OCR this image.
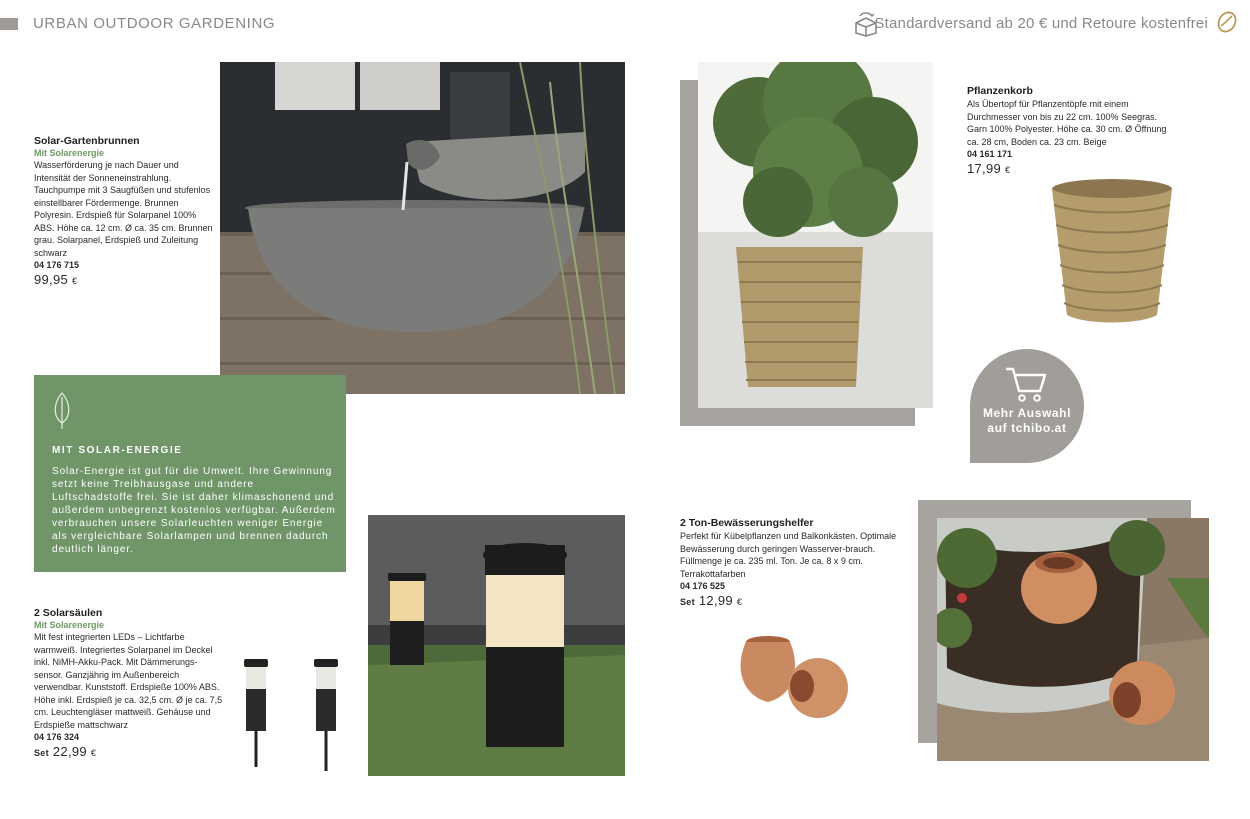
URBAN OUTDOOR GARDENING	Standardversand ab 20 € und Retoure kostenfrei
Solar-Gartenbrunnen
Mit Solarenergie
Wasserförderung je nach Dauer und Intensität der Sonneneinstrahlung. Tauchpumpe mit 3 Saugfüßen und stufenlos einstellbarer Fördermenge. Brunnen Polyresin. Erdspieß für Solarpanel 100% ABS. Höhe ca. 12 cm. Ø ca. 35 cm. Brunnen grau. Solarpanel, Erdspieß und Zuleitung schwarz
04 176 715
99,95 €
Pflanzenkorb
Als Übertopf für Pflanzentöpfe mit einem Durchmesser von bis zu 22 cm. 100% Seegras. Garn 100% Polyester. Höhe ca. 30 cm. Ø Öffnung ca. 28 cm, Boden ca. 23 cm. Beige
04 161 171
17,99 €
Mehr Auswahl
auf tchibo.at
MIT SOLAR-ENERGIE
Solar-Energie ist gut für die Umwelt. Ihre Gewinnung setzt keine Treibhausgase und andere Luftschadstoffe frei. Sie ist daher klimaschonend und außerdem unbegrenzt kostenlos verfügbar. Außerdem verbrauchen unsere Solarleuchten weniger Energie als vergleichbare Solarlampen und brennen dadurch deutlich länger.
2 Solarsäulen
Mit Solarenergie
Mit fest integrierten LEDs – Lichtfarbe warmweiß. Integriertes Solarpanel im Deckel inkl. NiMH-Akku-Pack. Mit Dämmerungs-sensor. Ganzjährig im Außenbereich verwendbar. Kunststoff. Erdspieße 100% ABS. Höhe inkl. Erdspieß je ca. 32,5 cm. Ø je ca. 7,5 cm. Leuchtengläser mattweiß. Gehäuse und Erdspieße mattschwarz
04 176 324
Set 22,99 €
2 Ton-Bewässerungshelfer
Perfekt für Kübelpflanzen und Balkonkästen. Optimale Bewässerung durch geringen Wasserver-brauch. Füllmenge je ca. 235 ml. Ton. Je ca. 8 x 9 cm. Terrakottafarben
04 176 525
Set 12,99 €
